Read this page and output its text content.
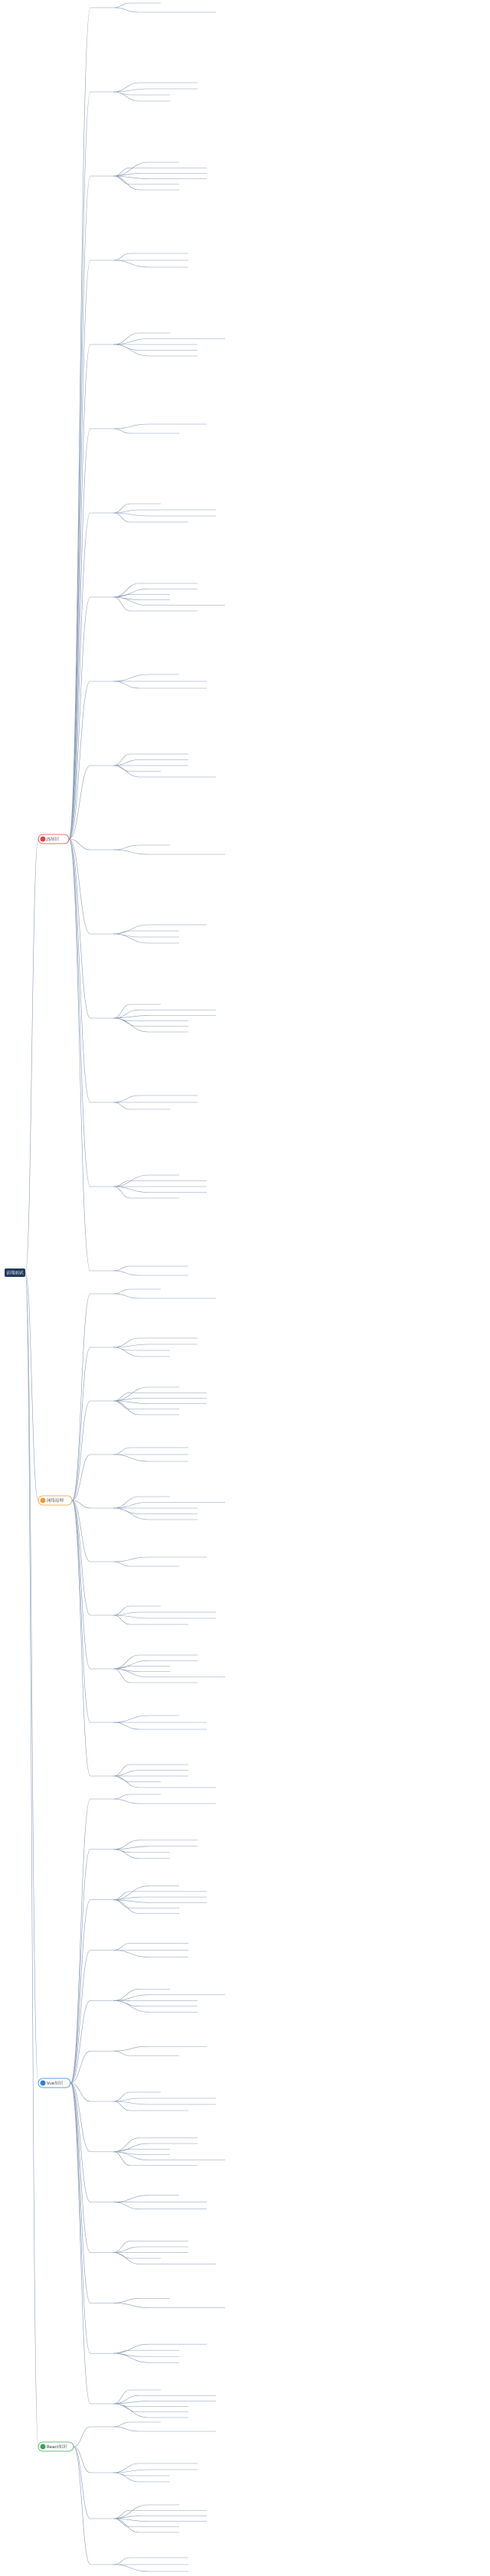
前端面试
JS知识
网络原理
Vue知识
React知识
